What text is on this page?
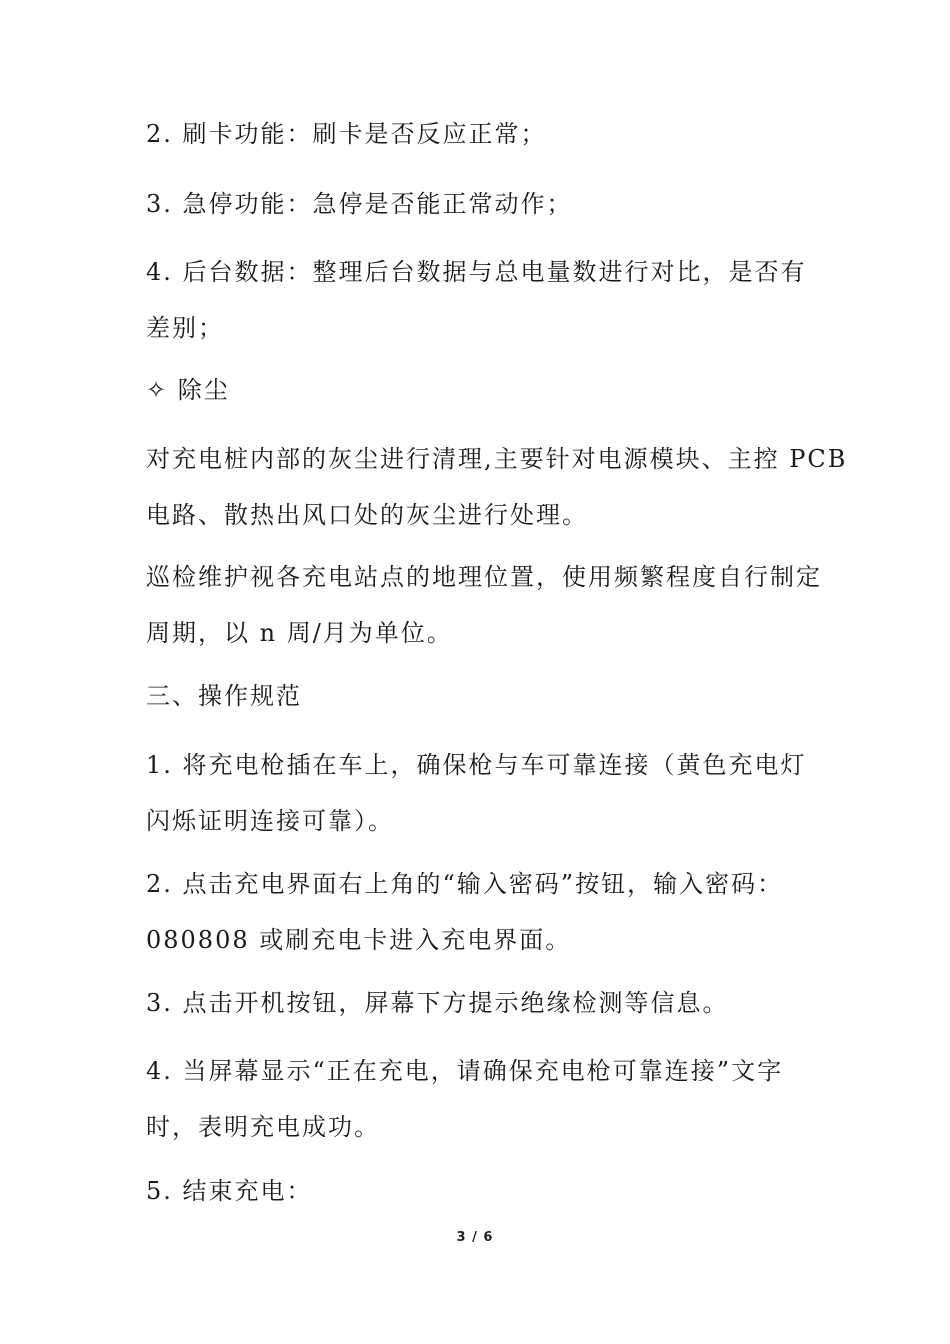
2. 刷卡功能：刷卡是否反应正常；
3. 急停功能：急停是否能正常动作；
4. 后台数据：整理后台数据与总电量数进行对比，是否有
差别；
✧ 除尘
对充电桩内部的灰尘进行清理,主要针对电源模块、主控 PCB
电路、散热出风口处的灰尘进行处理。
巡检维护视各充电站点的地理位置，使用频繁程度自行制定
周期，以 n 周/月为单位。
三、操作规范
1. 将充电枪插在车上，确保枪与车可靠连接（黄色充电灯
闪烁证明连接可靠）。
2. 点击充电界面右上角的“输入密码”按钮，输入密码：
080808 或刷充电卡进入充电界面。
3. 点击开机按钮，屏幕下方提示绝缘检测等信息。
4. 当屏幕显示“正在充电，请确保充电枪可靠连接”文字
时，表明充电成功。
5. 结束充电：
3 / 6
